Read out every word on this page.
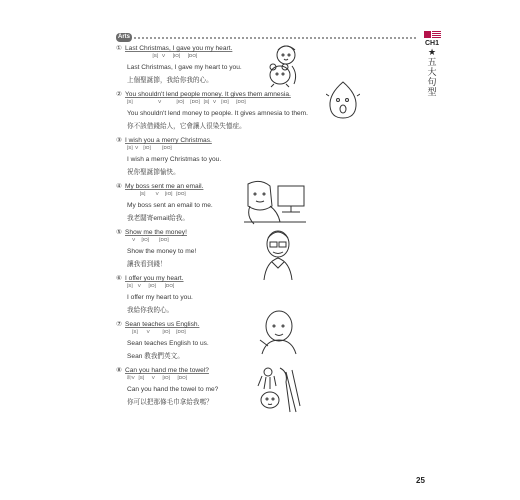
Arts
CH1
★
五大句型
① Last Christmas, I gave you my heart.
[S]   V      [IO]      [DO]
Last Christmas, I gave my heart to you.
上個聖誕節，我給你我的心。
② You shouldn't lend people money. It gives them amnesia.
[S]                    V            [IO]     [DO]   [S]   V    [IO]      [DO]
You shouldn't lend money to people. It gives amnesia to them.
你不該借錢給人，它會讓人很染失憶症。
③ I wish you a merry Christmas.
[S]  V    [IO]         [DO]
I wish a merry Christmas to you.
祝你聖誕節愉快。
④ My boss sent me an email.
[S]        V     [IO]   [DO]
My boss sent an email to me.
我老闆寄email給我。
⑤ Show me the money!
V     [IO]        [DO]
Show the money to me!
讓我看到錢！
⑥ I offer you my heart.
[S]    V      [IO]       [DO]
I offer my heart to you.
我給你我的心。
⑦ Sean teaches us English.
[S]       V          [IO]     [DO]
Sean teaches English to us.
Sean 教我們英文。
⑧ Can you hand me the towel?
助V   [S]      V      [IO]      [DO]
Can you hand the towel to me?
你可以把那條毛巾拿給我嗎？
25
